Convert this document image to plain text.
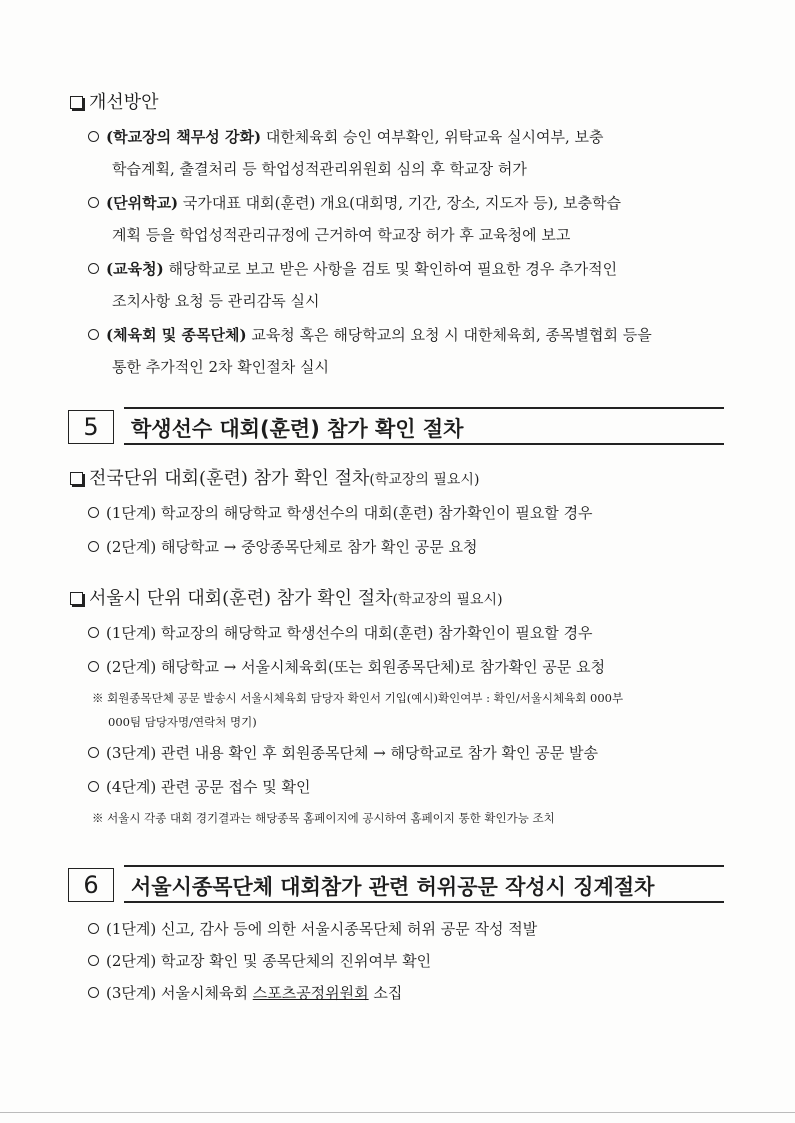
개선방안
(학교장의 책무성 강화) 대한체육회 승인 여부확인, 위탁교육 실시여부, 보충
학습계획, 출결처리 등 학업성적관리위원회 심의 후 학교장 허가
(단위학교) 국가대표 대회(훈련) 개요(대회명, 기간, 장소, 지도자 등), 보충학습
계획 등을 학업성적관리규정에 근거하여 학교장 허가 후 교육청에 보고
(교육청) 해당학교로 보고 받은 사항을 검토 및 확인하여 필요한 경우 추가적인
조치사항 요청 등 관리감독 실시
(체육회 및 종목단체) 교육청 혹은 해당학교의 요청 시 대한체육회, 종목별협회 등을
통한 추가적인 2차 확인절차 실시
5	학생선수 대회(훈련) 참가 확인 절차
전국단위 대회(훈련) 참가 확인 절차(학교장의 필요시)
(1단계) 학교장의 해당학교 학생선수의 대회(훈련) 참가확인이 필요할 경우
(2단계) 해당학교 → 중앙종목단체로 참가 확인 공문 요청
서울시 단위 대회(훈련) 참가 확인 절차(학교장의 필요시)
(1단계) 학교장의 해당학교 학생선수의 대회(훈련) 참가확인이 필요할 경우
(2단계) 해당학교 → 서울시체육회(또는 회원종목단체)로 참가확인 공문 요청
※ 회원종목단체 공문 발송시 서울시체육회 담당자 확인서 기입(예시)확인여부 : 확인/서울시체육회 000부
000팀 담당자명/연락처 명기)
(3단계) 관련 내용 확인 후 회원종목단체 → 해당학교로 참가 확인 공문 발송
(4단계) 관련 공문 접수 및 확인
※ 서울시 각종 대회 경기결과는 해당종목 홈페이지에 공시하여 홈페이지 통한 확인가능 조치
6	서울시종목단체 대회참가 관련 허위공문 작성시 징계절차
(1단계) 신고, 감사 등에 의한 서울시종목단체 허위 공문 작성 적발
(2단계) 학교장 확인 및 종목단체의 진위여부 확인
(3단계) 서울시체육회 스포츠공정위원회 소집
